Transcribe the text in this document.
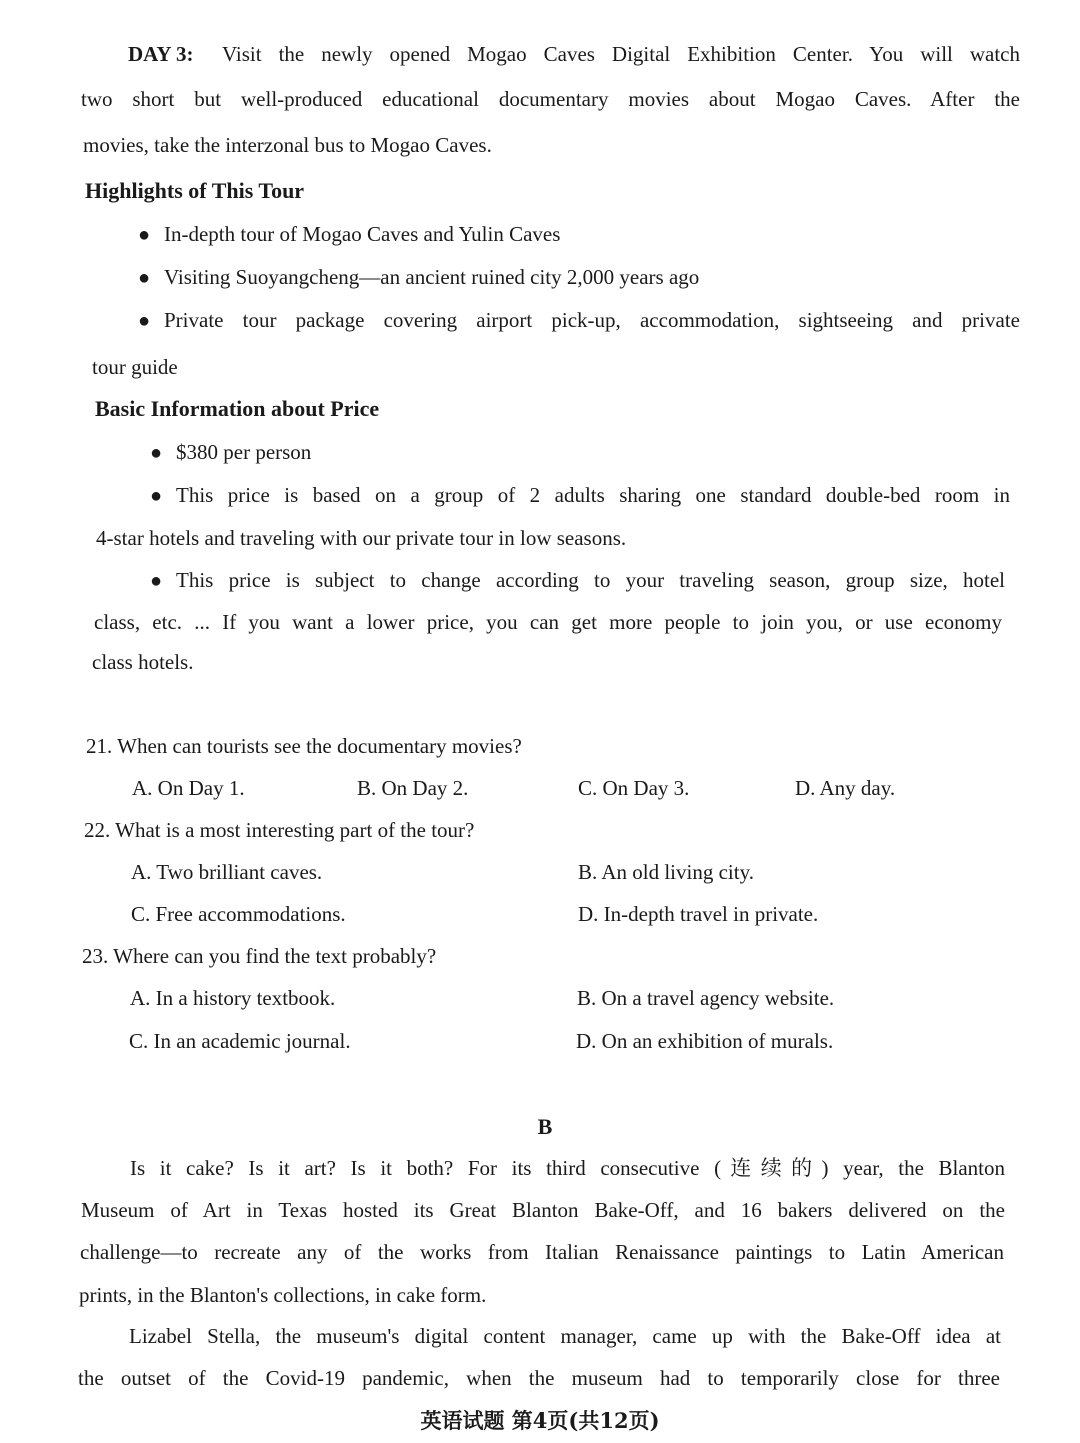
DAY 3: Visit the newly opened Mogao Caves Digital Exhibition Center. You will watch
two short but well-produced educational documentary movies about Mogao Caves. After the
movies, take the interzonal bus to Mogao Caves.
Highlights of This Tour
● In-depth tour of Mogao Caves and Yulin Caves
● Visiting Suoyangcheng—an ancient ruined city 2,000 years ago
● Private tour package covering airport pick-up, accommodation, sightseeing and private
tour guide
Basic Information about Price
● $380 per person
● This price is based on a group of 2 adults sharing one standard double-bed room in
4-star hotels and traveling with our private tour in low seasons.
● This price is subject to change according to your traveling season, group size, hotel
class, etc. ... If you want a lower price, you can get more people to join you, or use economy
class hotels.
21. When can tourists see the documentary movies?
A. On Day 1.	B. On Day 2.	C. On Day 3.	D. Any day.
22. What is a most interesting part of the tour?
A. Two brilliant caves.	B. An old living city.
C. Free accommodations.	D. In-depth travel in private.
23. Where can you find the text probably?
A. In a history textbook.	B. On a travel agency website.
C. In an academic journal.	D. On an exhibition of murals.
B
Is it cake? Is it art? Is it both? For its third consecutive (连续的) year, the Blanton
Museum of Art in Texas hosted its Great Blanton Bake-Off, and 16 bakers delivered on the
challenge—to recreate any of the works from Italian Renaissance paintings to Latin American
prints, in the Blanton's collections, in cake form.
Lizabel Stella, the museum's digital content manager, came up with the Bake-Off idea at
the outset of the Covid-19 pandemic, when the museum had to temporarily close for three
英语试题 第4页(共12页)
